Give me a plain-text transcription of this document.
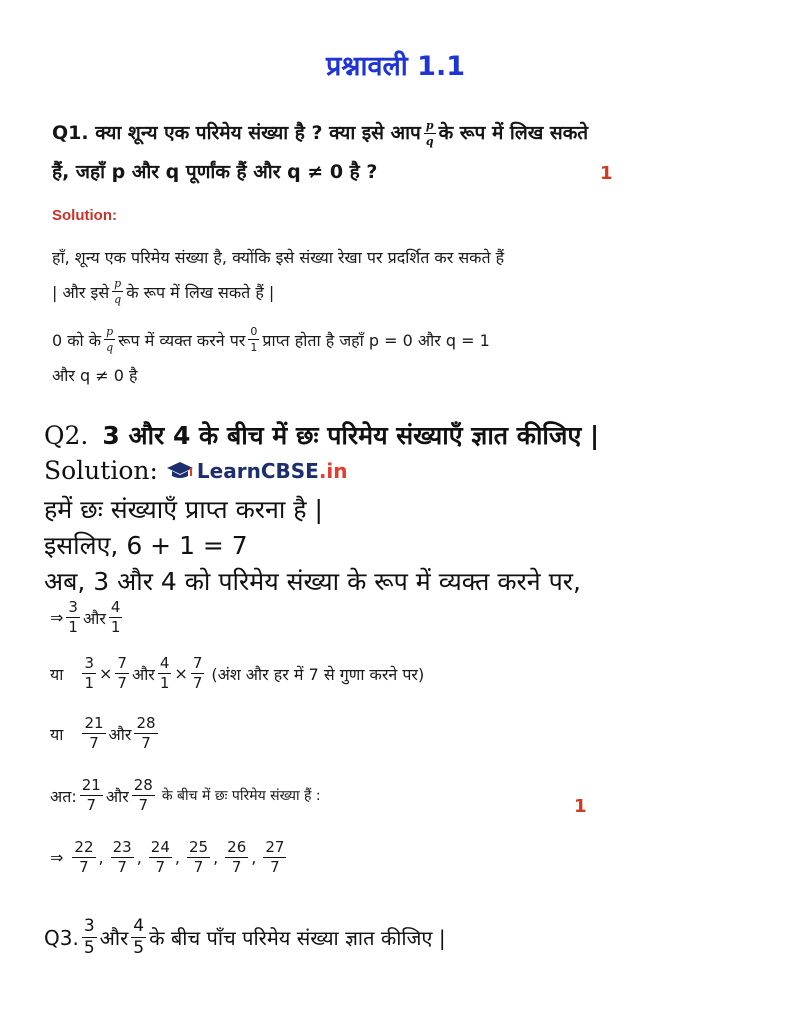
प्रश्नावली 1.1
Q1. क्या शून्य एक परिमेय संख्या है ? क्या इसे आप $\frac{p}{q}$ के रूप में लिख सकते
हैं, जहाँ p और q पूर्णांक हैं और q ≠ 0 है ?	1
Solution:
हाँ, शून्य एक परिमेय संख्या है, क्योंकि इसे संख्या रेखा पर प्रदर्शित कर सकते हैं
| और इसे $\frac{p}{q}$ के रूप में लिख सकते हैं |
0 को के $\frac{p}{q}$ रूप में व्यक्त करने पर $\frac{0}{1}$ प्राप्त होता है जहाँ p = 0 और q = 1
और q ≠ 0 है
Q2. 3 और 4 के बीच में छः परिमेय संख्याएँ ज्ञात कीजिए |
Solution: LearnCBSE.in
हमें छः संख्याएँ प्राप्त करना है |
इसलिए, 6 + 1 = 7
अब, 3 और 4 को परिमेय संख्या के रूप में व्यक्त करने पर,
⇒ $\frac{3}{1}$ और $\frac{4}{1}$
या $\frac{3}{1} \times \frac{7}{7}$ और $\frac{4}{1} \times \frac{7}{7}$ (अंश और हर में 7 से गुणा करने पर)
या $\frac{21}{7}$ और $\frac{28}{7}$
अत: $\frac{21}{7}$ और $\frac{28}{7}$ के बीच में छः परिमेय संख्या हैं :	1
⇒ $\frac{22}{7}$ , $\frac{23}{7}$ , $\frac{24}{7}$ , $\frac{25}{7}$ , $\frac{26}{7}$ , $\frac{27}{7}$
Q3. $\frac{3}{5}$ और $\frac{4}{5}$ के बीच पाँच परिमेय संख्या ज्ञात कीजिए |
